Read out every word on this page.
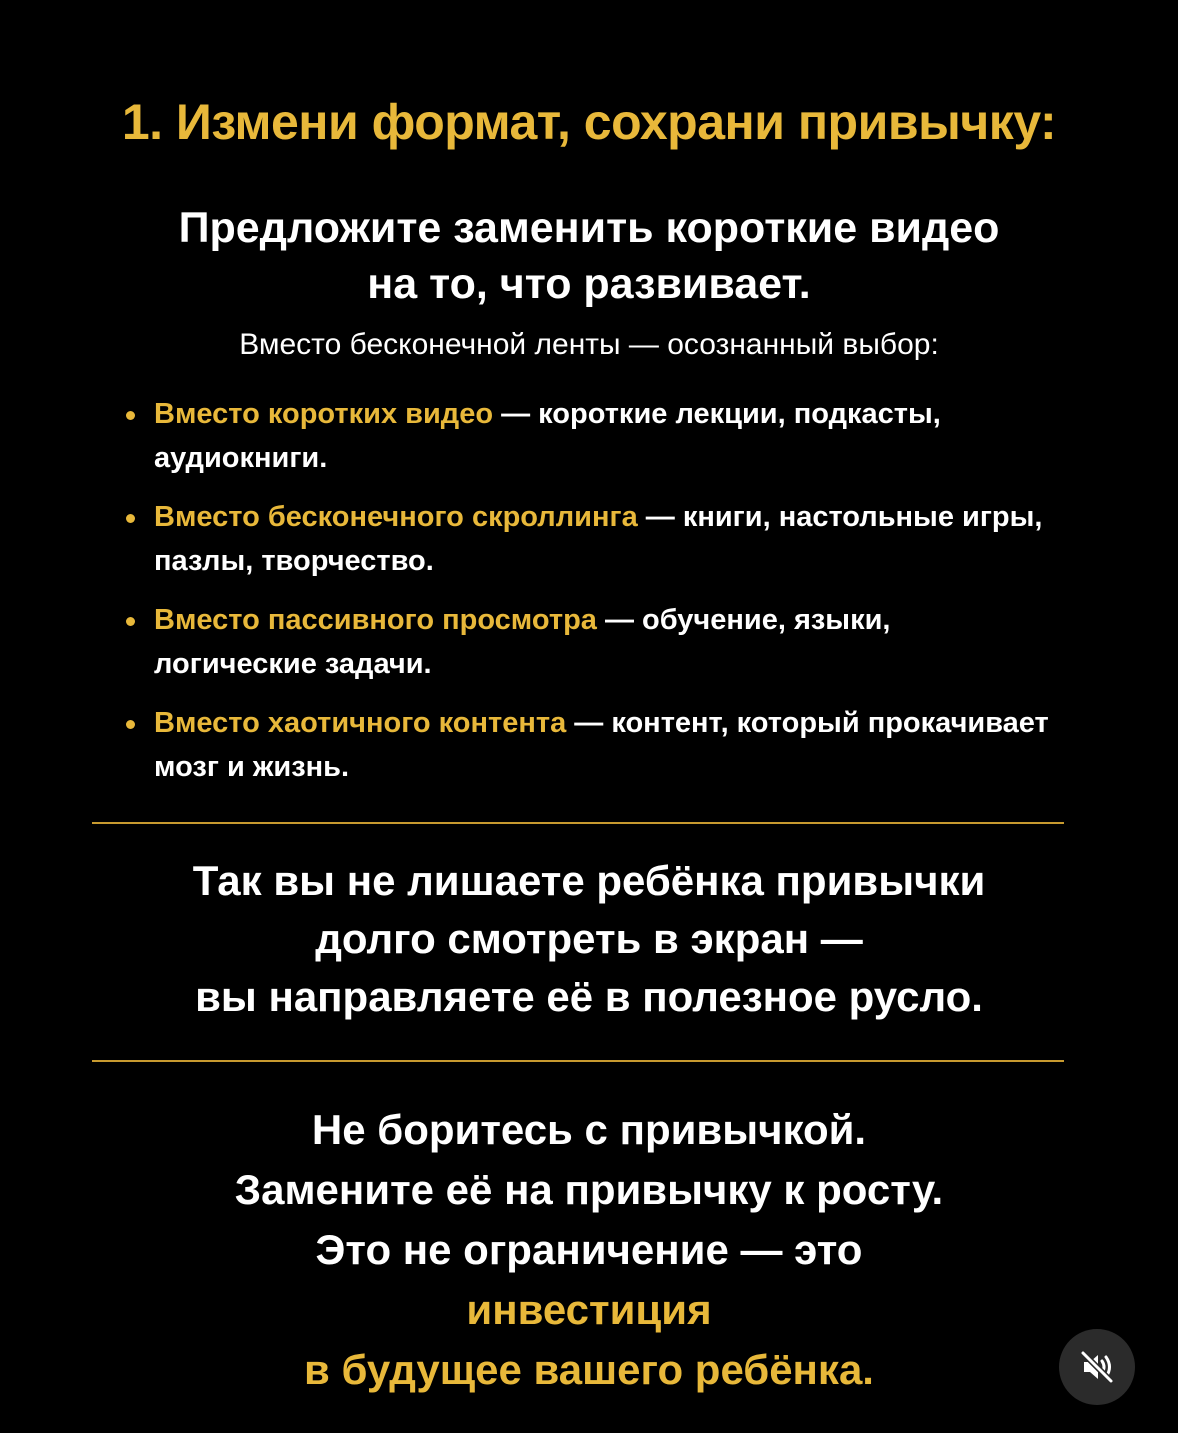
1. Измени формат, сохрани привычку:
Предложите заменить короткие видео
на то, что развивает.

Вместо бесконечной ленты — осознанный выбор:

Вместо коротких видео — короткие лекции, подкасты, аудиокниги.
Вместо бесконечного скроллинга — книги, настольные игры, пазлы, творчество.
Вместо пассивного просмотра — обучение, языки, логические задачи.
Вместо хаотичного контента — контент, который прокачивает мозг и жизнь.

Так вы не лишаете ребёнка привычки
долго смотреть в экран —
вы направляете её в полезное русло.

Не боритесь с привычкой.
Замените её на привычку к росту.
Это не ограничение — это
инвестиция
в будущее вашего ребёнка.
